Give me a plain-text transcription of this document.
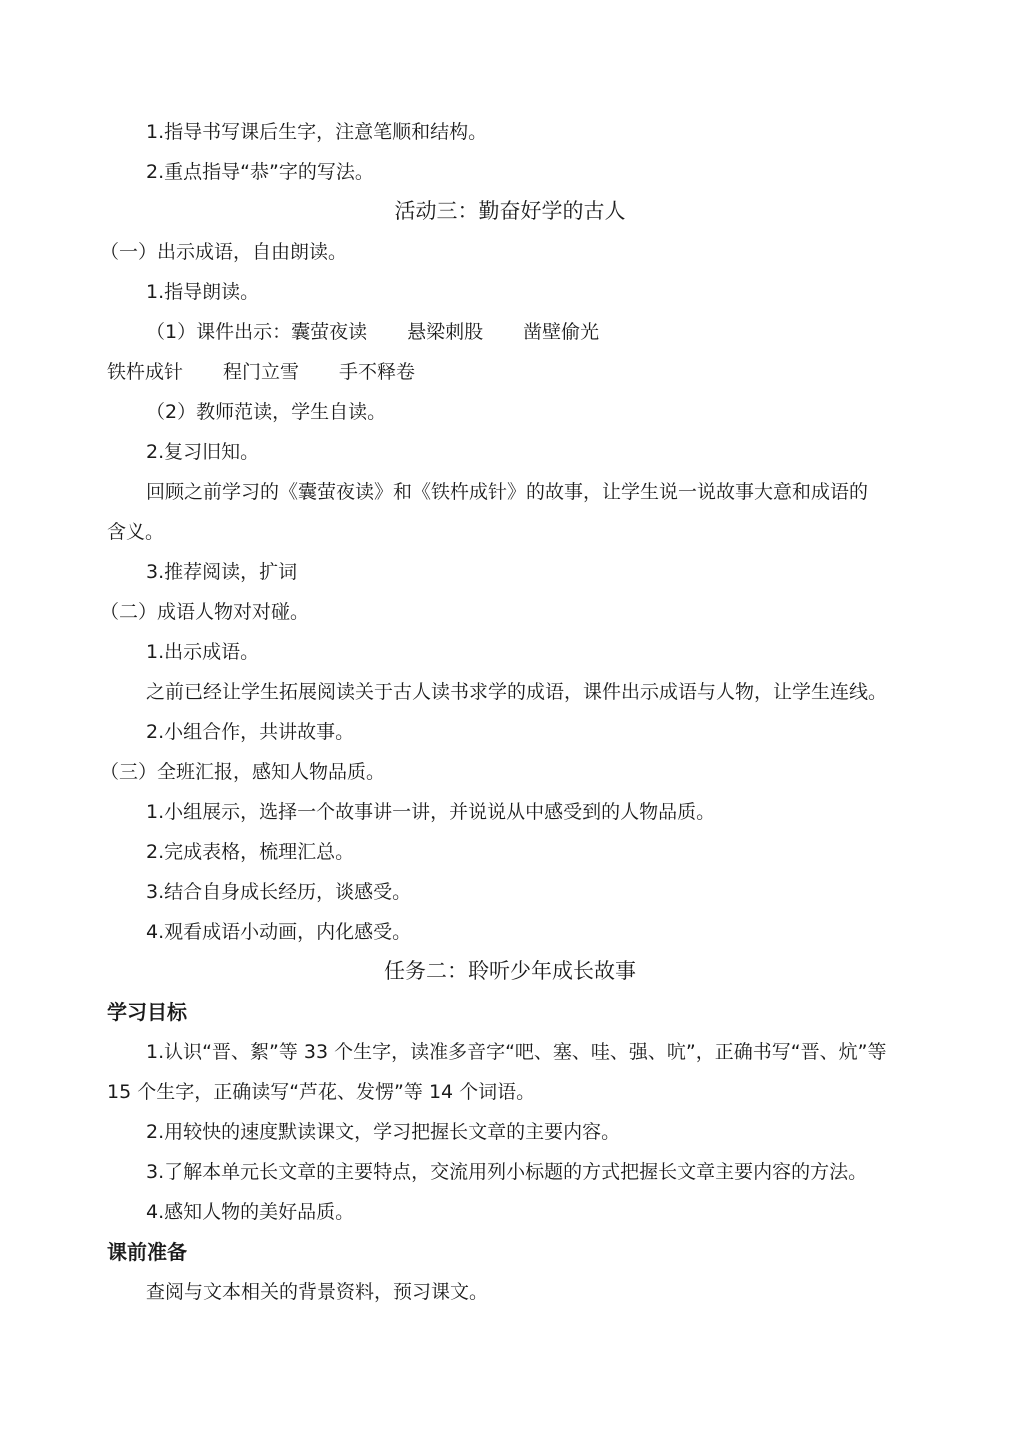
1.指导书写课后生字，注意笔顺和结构。
2.重点指导“恭”字的写法。
活动三：勤奋好学的古人
（一）出示成语，自由朗读。
1.指导朗读。
（1）课件出示：囊萤夜读 悬梁刺股 凿壁偷光
铁杵成针 程门立雪 手不释卷
（2）教师范读，学生自读。
2.复习旧知。
回顾之前学习的《囊萤夜读》和《铁杵成针》的故事，让学生说一说故事大意和成语的
含义。
3.推荐阅读，扩词
（二）成语人物对对碰。
1.出示成语。
之前已经让学生拓展阅读关于古人读书求学的成语，课件出示成语与人物，让学生连线。
2.小组合作，共讲故事。
（三）全班汇报，感知人物品质。
1.小组展示，选择一个故事讲一讲，并说说从中感受到的人物品质。
2.完成表格，梳理汇总。
3.结合自身成长经历，谈感受。
4.观看成语小动画，内化感受。
任务二：聆听少年成长故事
学习目标
1.认识“晋、絮”等 33 个生字，读准多音字“吧、塞、哇、强、吭”，正确书写“晋、炕”等
15 个生字，正确读写“芦花、发愣”等 14 个词语。
2.用较快的速度默读课文，学习把握长文章的主要内容。
3.了解本单元长文章的主要特点，交流用列小标题的方式把握长文章主要内容的方法。
4.感知人物的美好品质。
课前准备
查阅与文本相关的背景资料，预习课文。
